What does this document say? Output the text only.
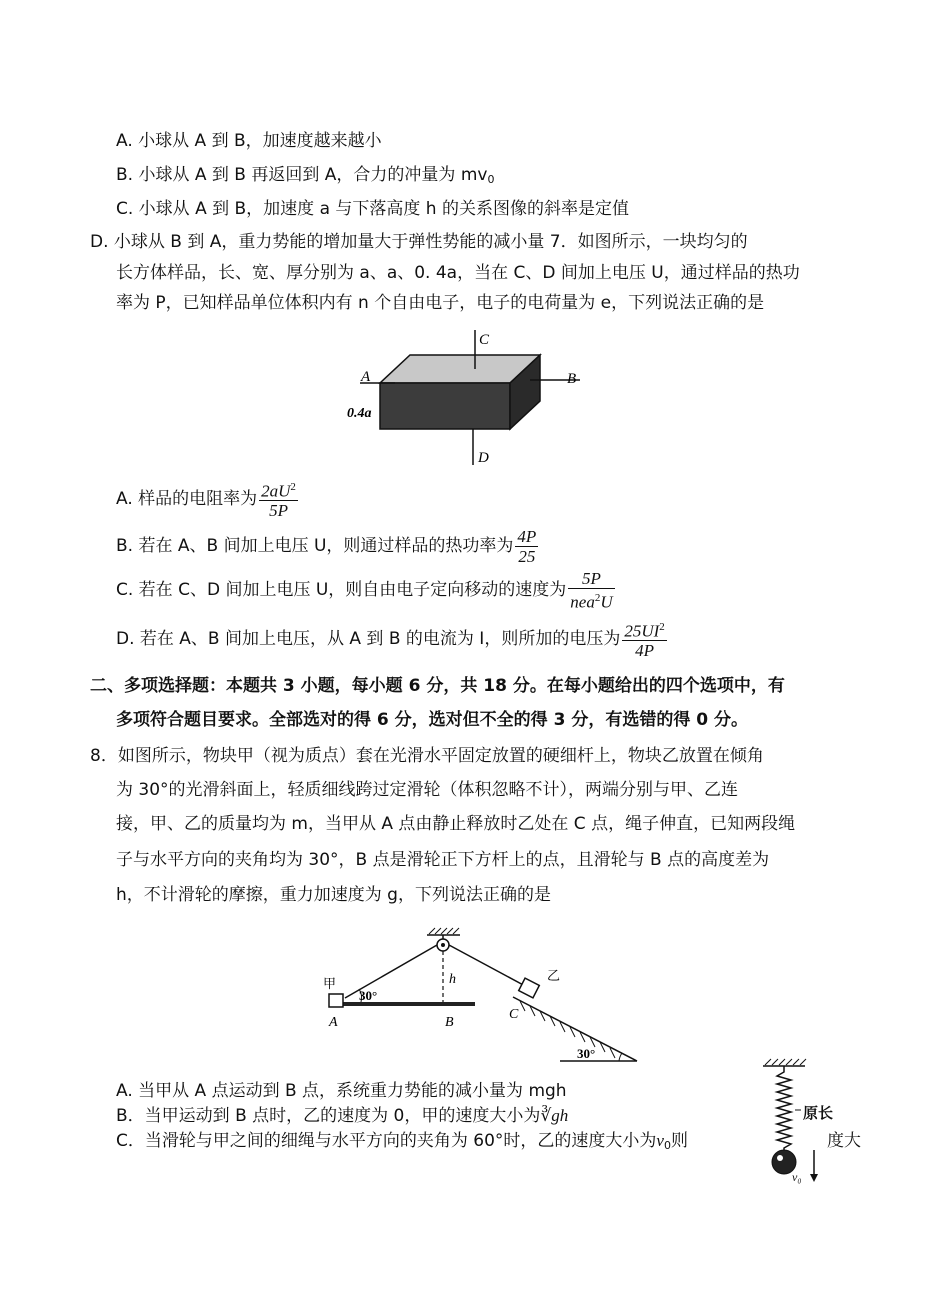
A. 小球从 A 到 B，加速度越来越小
B. 小球从 A 到 B 再返回到 A，合力的冲量为 $mv_0$
C. 小球从 A 到 B，加速度 a 与下落高度 h 的关系图像的斜率是定值
D. 小球从 B 到 A，重力势能的增加量大于弹性势能的减小量 7．如图所示，一块均匀的
长方体样品，长、宽、厚分别为 a、a、0. 4a，当在 C、D 间加上电压 U，通过样品的热功
率为 P，已知样品单位体积内有 n 个自由电子，电子的电荷量为 e，下列说法正确的是
C
A	B
D
0.4a
A. 样品的电阻率为 $\frac{2aU^2}{5P}$
B. 若在 A、B 间加上电压 U，则通过样品的热功率为 $\frac{4P}{25}$
C. 若在 C、D 间加上电压 U，则自由电子定向移动的速度为 $\frac{5P}{nea^2U}$
D. 若在 A、B 间加上电压，从 A 到 B 的电流为 I，则所加的电压为 $\frac{25UI^2}{4P}$
二、多项选择题：本题共 3 小题，每小题 6 分，共 18 分。在每小题给出的四个选项中，有
多项符合题目要求。全部选对的得 6 分，选对但不全的得 3 分，有选错的得 0 分。
8．如图所示，物块甲（视为质点）套在光滑水平固定放置的硬细杆上，物块乙放置在倾角
为 30°的光滑斜面上，轻质细线跨过定滑轮（体积忽略不计），两端分别与甲、乙连
接，甲、乙的质量均为 m，当甲从 A 点由静止释放时乙处在 C 点，绳子伸直，已知两段绳
子与水平方向的夹角均为 30°，B 点是滑轮正下方杆上的点，且滑轮与 B 点的高度差为
h，不计滑轮的摩擦，重力加速度为 g，下列说法正确的是
甲
乙
30°
30°
h
A	B
C
A. 当甲从 A 点运动到 B 点，系统重力势能的减小量为 mgh
B．当甲运动到 B 点时，乙的速度为 0，甲的速度大小为∛gh
C．当滑轮与甲之间的细绳与水平方向的夹角为 60°时，乙的速度大小为$v_0$则
原长
v₀
度大
